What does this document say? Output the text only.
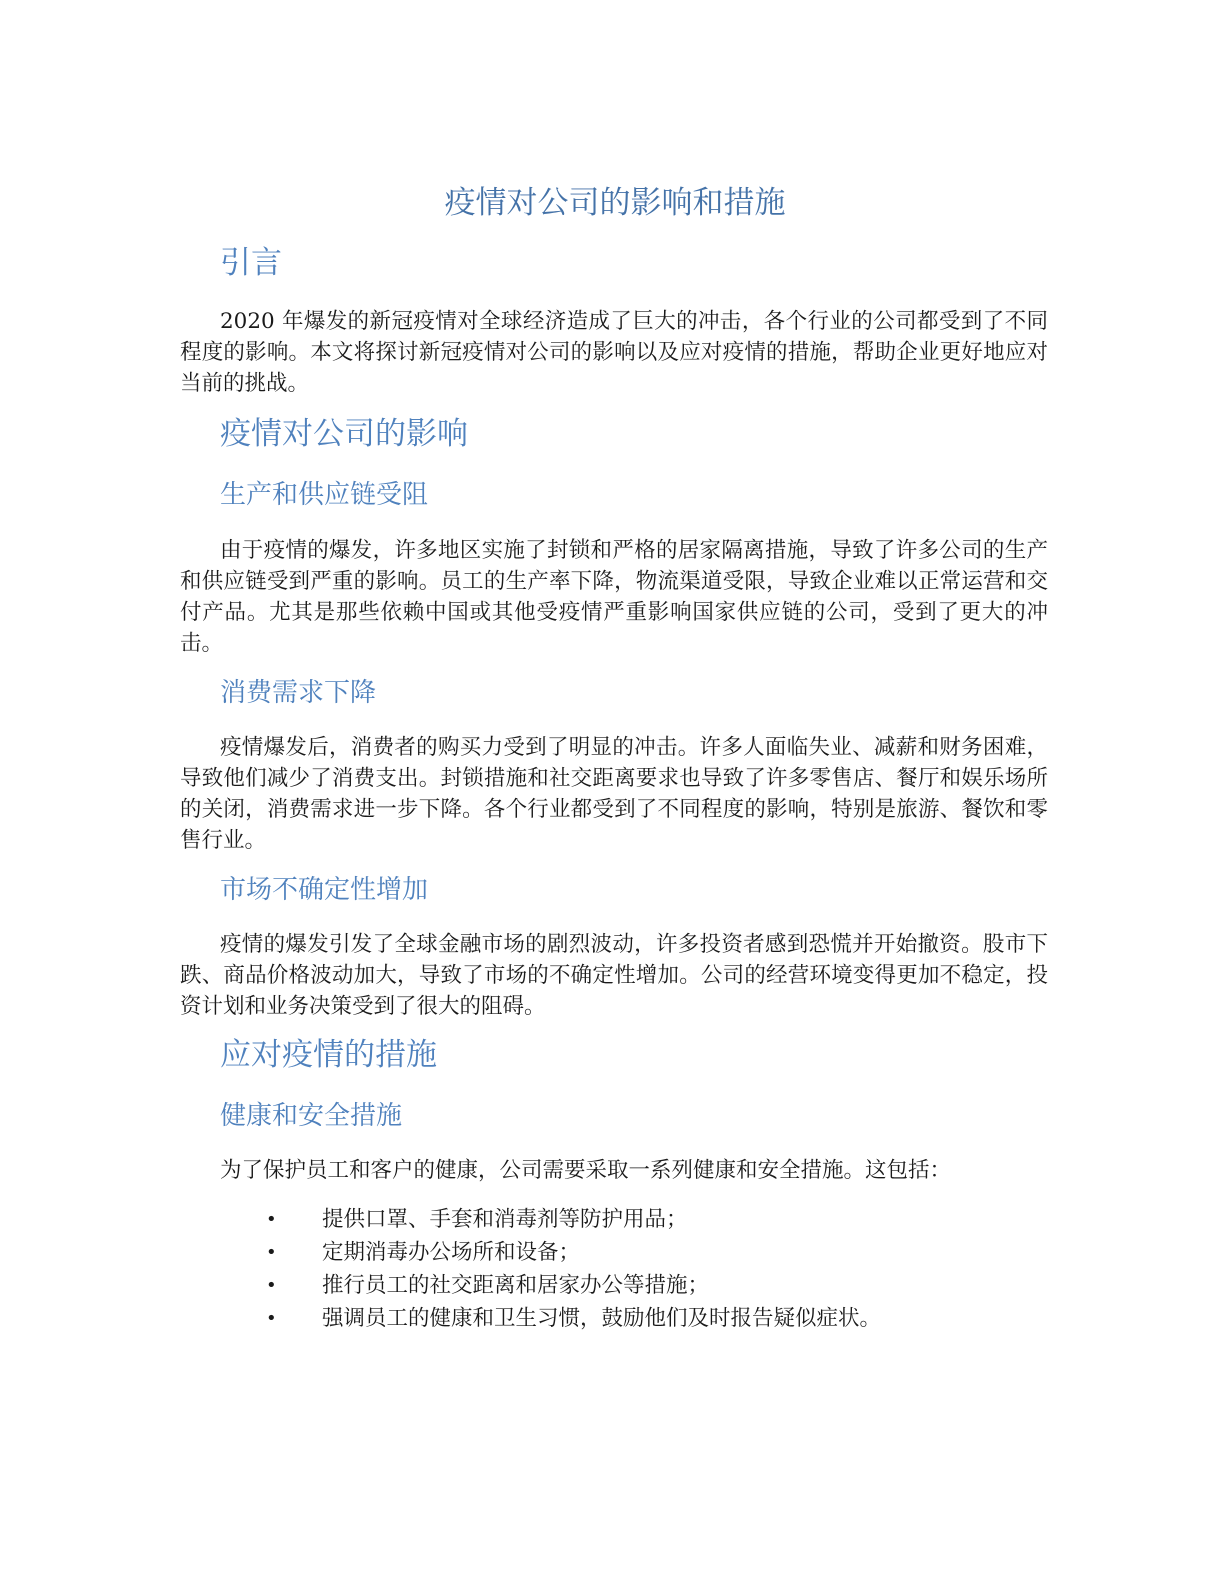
疫情对公司的影响和措施
引言

2020 年爆发的新冠疫情对全球经济造成了巨大的冲击，各个行业的公司都受到了不同程度的影响。本文将探讨新冠疫情对公司的影响以及应对疫情的措施，帮助企业更好地应对当前的挑战。

疫情对公司的影响
生产和供应链受阻

由于疫情的爆发，许多地区实施了封锁和严格的居家隔离措施，导致了许多公司的生产和供应链受到严重的影响。员工的生产率下降，物流渠道受限，导致企业难以正常运营和交付产品。尤其是那些依赖中国或其他受疫情严重影响国家供应链的公司，受到了更大的冲击。

消费需求下降

疫情爆发后，消费者的购买力受到了明显的冲击。许多人面临失业、减薪和财务困难，导致他们减少了消费支出。封锁措施和社交距离要求也导致了许多零售店、餐厅和娱乐场所的关闭，消费需求进一步下降。各个行业都受到了不同程度的影响，特别是旅游、餐饮和零售行业。

市场不确定性增加

疫情的爆发引发了全球金融市场的剧烈波动，许多投资者感到恐慌并开始撤资。股市下跌、商品价格波动加大，导致了市场的不确定性增加。公司的经营环境变得更加不稳定，投资计划和业务决策受到了很大的阻碍。

应对疫情的措施
健康和安全措施

为了保护员工和客户的健康，公司需要采取一系列健康和安全措施。这包括：

• 提供口罩、手套和消毒剂等防护用品；
• 定期消毒办公场所和设备；
• 推行员工的社交距离和居家办公等措施；
• 强调员工的健康和卫生习惯，鼓励他们及时报告疑似症状。
